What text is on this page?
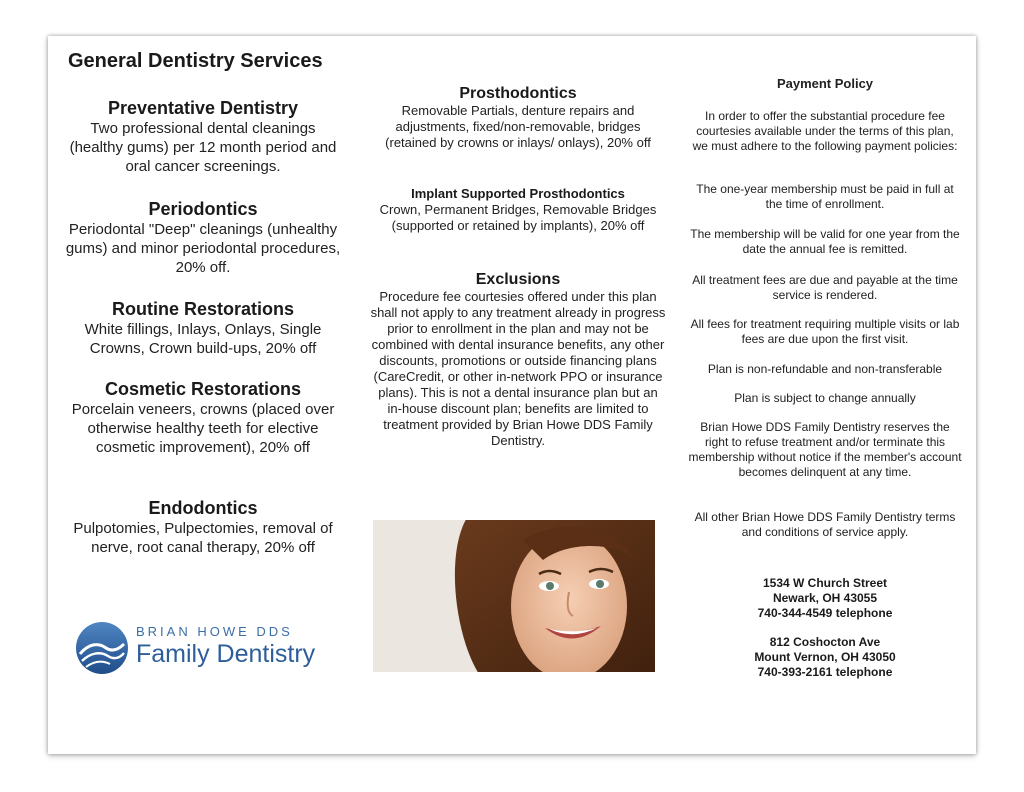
General Dentistry Services
Preventative Dentistry

Two professional dental cleanings (healthy gums) per 12 month period and oral cancer screenings.

Periodontics

Periodontal "Deep" cleanings (unhealthy gums) and minor periodontal procedures, 20% off.

Routine Restorations

White fillings, Inlays, Onlays, Single Crowns, Crown build-ups, 20% off

Cosmetic Restorations

Porcelain veneers, crowns (placed over otherwise healthy teeth for elective cosmetic improvement), 20% off

Endodontics

Pulpotomies, Pulpectomies, removal of nerve, root canal therapy, 20% off

BRIAN HOWE DDS
Family Dentistry
Prosthodontics

Removable Partials, denture repairs and adjustments, fixed/non-removable, bridges (retained by crowns or inlays/ onlays), 20% off

Implant Supported Prosthodontics

Crown, Permanent Bridges, Removable Bridges (supported or retained by implants), 20% off

Exclusions

Procedure fee courtesies offered under this plan shall not apply to any treatment already in progress prior to enrollment in the plan and may not be combined with dental insurance benefits, any other discounts, promotions or outside financing plans (CareCredit, or other in-network PPO or insurance plans). This is not a dental insurance plan but an in-house discount plan; benefits are limited to treatment provided by Brian Howe DDS Family Dentistry.

Payment Policy

In order to offer the substantial procedure fee courtesies available under the terms of this plan, we must adhere to the following payment policies:

The one-year membership must be paid in full at the time of enrollment.

The membership will be valid for one year from the date the annual fee is remitted.

All treatment fees are due and payable at the time service is rendered.

All fees for treatment requiring multiple visits or lab fees are due upon the first visit.

Plan is non-refundable and non-transferable

Plan is subject to change annually

Brian Howe DDS Family Dentistry reserves the right to refuse treatment and/or terminate this membership without notice if the member's account becomes delinquent at any time.

All other Brian Howe DDS Family Dentistry terms and conditions of service apply.

1534 W Church Street
Newark, OH 43055
740-344-4549 telephone
812 Coshocton Ave
Mount Vernon, OH 43050
740-393-2161 telephone
